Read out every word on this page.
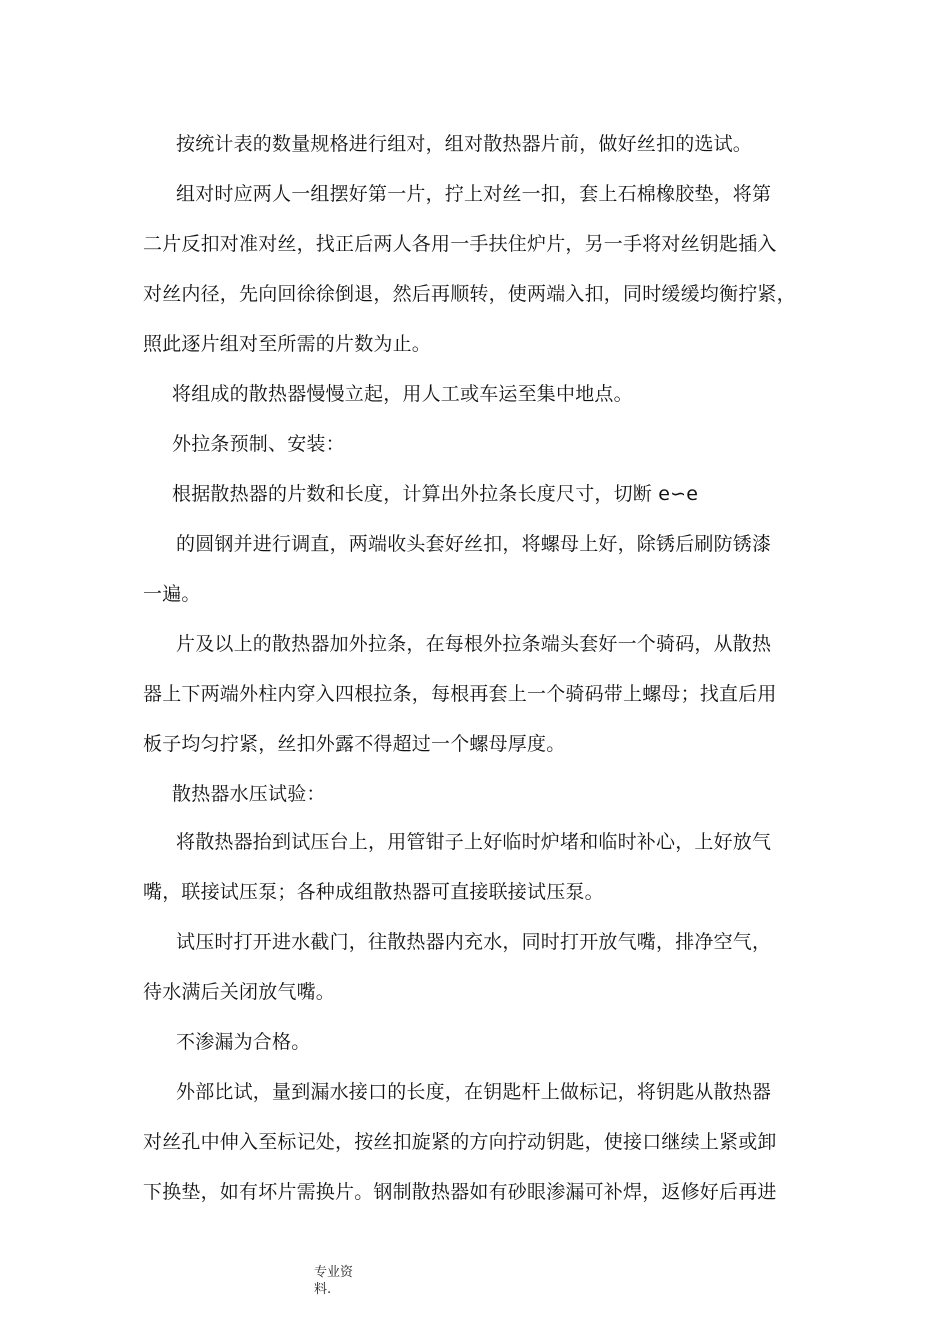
按统计表的数量规格进行组对，组对散热器片前，做好丝扣的选试。
组对时应两人一组摆好第一片，拧上对丝一扣，套上石棉橡胶垫，将第
二片反扣对准对丝，找正后两人各用一手扶住炉片，另一手将对丝钥匙插入
对丝内径，先向回徐徐倒退，然后再顺转，使两端入扣，同时缓缓均衡拧紧，
照此逐片组对至所需的片数为止。
将组成的散热器慢慢立起，用人工或车运至集中地点。
外拉条预制、安装：
根据散热器的片数和长度，计算出外拉条长度尺寸，切断 e∽e
的圆钢并进行调直，两端收头套好丝扣，将螺母上好，除锈后刷防锈漆
一遍。
片及以上的散热器加外拉条，在每根外拉条端头套好一个骑码，从散热
器上下两端外柱内穿入四根拉条，每根再套上一个骑码带上螺母；找直后用
板子均匀拧紧，丝扣外露不得超过一个螺母厚度。
散热器水压试验：
将散热器抬到试压台上，用管钳子上好临时炉堵和临时补心，上好放气
嘴，联接试压泵；各种成组散热器可直接联接试压泵。
试压时打开进水截门，往散热器内充水，同时打开放气嘴，排净空气，
待水满后关闭放气嘴。
不渗漏为合格。
外部比试，量到漏水接口的长度，在钥匙杆上做标记，将钥匙从散热器
对丝孔中伸入至标记处，按丝扣旋紧的方向拧动钥匙，使接口继续上紧或卸
下换垫，如有坏片需换片。钢制散热器如有砂眼渗漏可补焊，返修好后再进
专业资
料.
